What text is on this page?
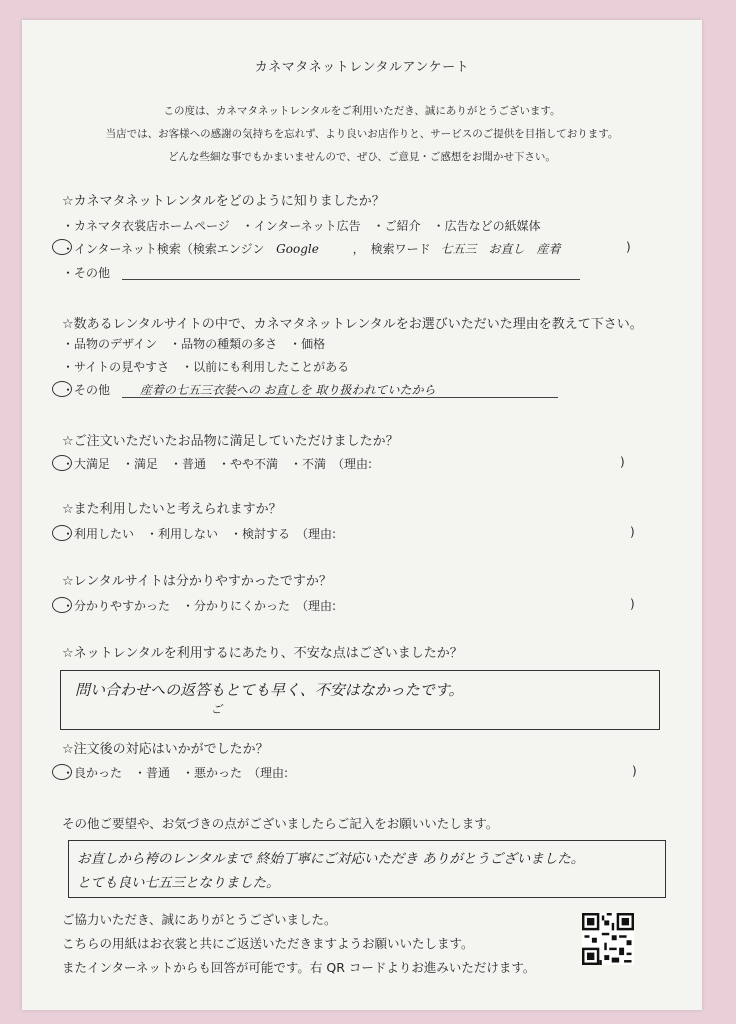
カネマタネットレンタルアンケート
この度は、カネマタネットレンタルをご利用いただき、誠にありがとうございます。
当店では、お客様への感謝の気持ちを忘れず、より良いお店作りと、サービスのご提供を目指しております。
どんな些細な事でもかまいませんので、ぜひ、ご意見・ご感想をお聞かせ下さい。
☆カネマタネットレンタルをどのように知りましたか？
・カネマタ衣裳店ホームページ　・インターネット広告　・ご紹介　・広告などの紙媒体
・インターネット検索（検索エンジン Google	，　検索ワード 七五三　お直し　産着	)
・その他
☆数あるレンタルサイトの中で、カネマタネットレンタルをお選びいただいた理由を教えて下さい。
・品物のデザイン　・品物の種類の多さ　・価格
・サイトの見やすさ　・以前にも利用したことがある
・その他 産着の七五三衣装への お直しを 取り扱われていたから
☆ご注文いただいたお品物に満足していただけましたか？
・大満足　・満足　・普通　・やや不満　・不満　（理由:	)
☆また利用したいと考えられますか？
・利用したい　・利用しない　・検討する　（理由:	)
☆レンタルサイトは分かりやすかったですか？
・分かりやすかった　・分かりにくかった　（理由:	)
☆ネットレンタルを利用するにあたり、不安な点はございましたか？
問い合わせへの返答もとても早く、不安はなかったです。
ご
☆注文後の対応はいかがでしたか？
・良かった　・普通　・悪かった　（理由:	)
その他ご要望や、お気づきの点がございましたらご記入をお願いいたします。
お直しから袴のレンタルまで 終始丁寧にご対応いただき ありがとうございました。
とても良い七五三となりました。
ご協力いただき、誠にありがとうございました。
こちらの用紙はお衣裳と共にご返送いただきますようお願いいたします。
またインターネットからも回答が可能です。右 QR コードよりお進みいただけます。
